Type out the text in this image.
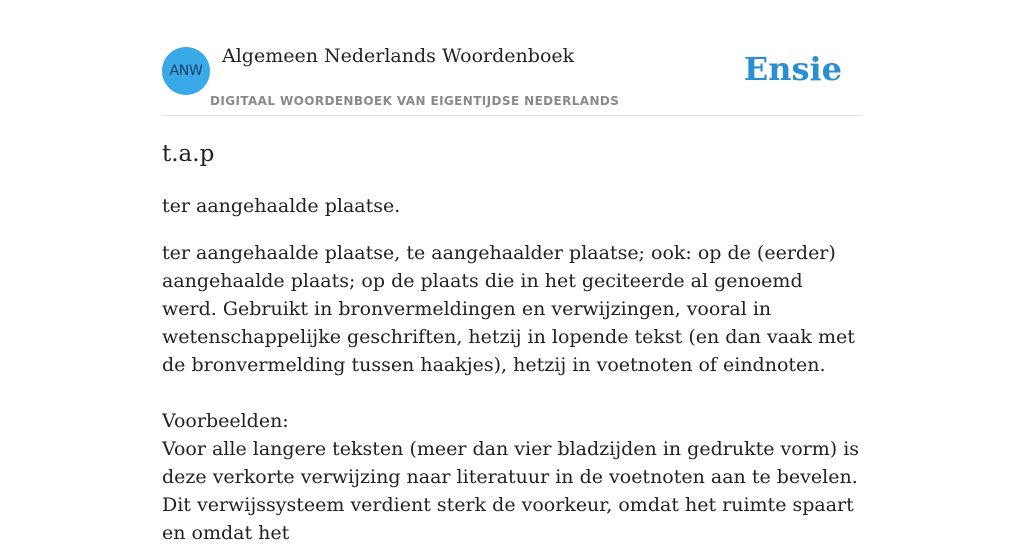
ANW
Algemeen Nederlands Woordenboek
DIGITAAL WOORDENBOEK VAN EIGENTIJDSE NEDERLANDS
Ensie
t.a.p

ter aangehaalde plaatse.

ter aangehaalde plaatse, te aangehaalder plaatse; ook: op de (eerder) aangehaalde plaats; op de plaats die in het geciteerde al genoemd werd. Gebruikt in bronvermeldingen en verwijzingen, vooral in wetenschappelijke geschriften, hetzij in lopende tekst (en dan vaak met de bronvermelding tussen haakjes), hetzij in voetnoten of eindnoten.

Voorbeelden:

Voor alle langere teksten (meer dan vier bladzijden in gedrukte vorm) is deze verkorte verwijzing naar literatuur in de voetnoten aan te bevelen. Dit verwijssysteem verdient sterk de voorkeur, omdat het ruimte spaart en omdat het
